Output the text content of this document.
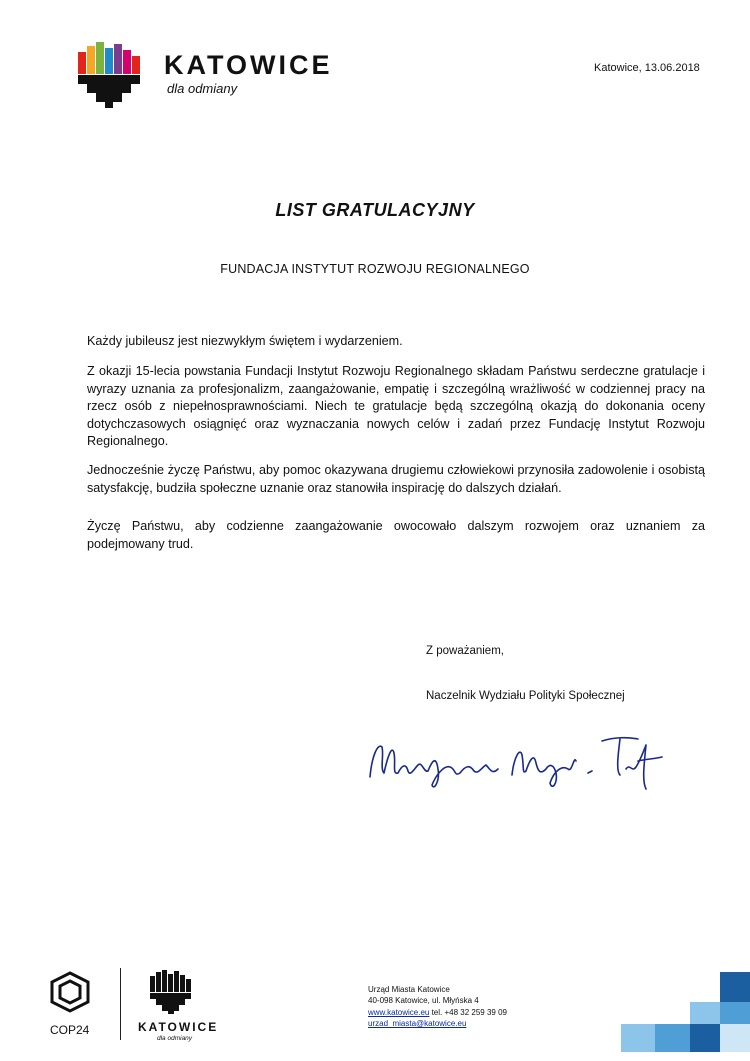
KATOWICE
dla odmiany
Katowice, 13.06.2018
LIST GRATULACYJNY
FUNDACJA INSTYTUT ROZWOJU REGIONALNEGO
Każdy jubileusz jest niezwykłym świętem i wydarzeniem.
Z okazji 15-lecia powstania Fundacji Instytut Rozwoju Regionalnego składam Państwu serdeczne gratulacje i wyrazy uznania za profesjonalizm, zaangażowanie, empatię i szczególną wrażliwość w codziennej pracy na rzecz osób z niepełnosprawnościami. Niech te gratulacje będą szczególną okazją do dokonania oceny dotychczasowych osiągnięć oraz wyznaczania nowych celów i zadań przez Fundację Instytut Rozwoju Regionalnego.
Jednocześnie życzę Państwu, aby pomoc okazywana drugiemu człowiekowi przynosiła zadowolenie i osobistą satysfakcję, budziła społeczne uznanie oraz stanowiła inspirację do dalszych działań.
Życzę Państwu, aby codzienne zaangażowanie owocowało dalszym rozwojem oraz uznaniem za podejmowany trud.
Z poważaniem,
Naczelnik Wydziału Polityki Społecznej
COP24	KATOWICE
dla odmiany
Urząd Miasta Katowice
40-098 Katowice, ul. Młyńska 4
www.katowice.eu tel. +48 32 259 39 09
urzad_miasta@katowice.eu
